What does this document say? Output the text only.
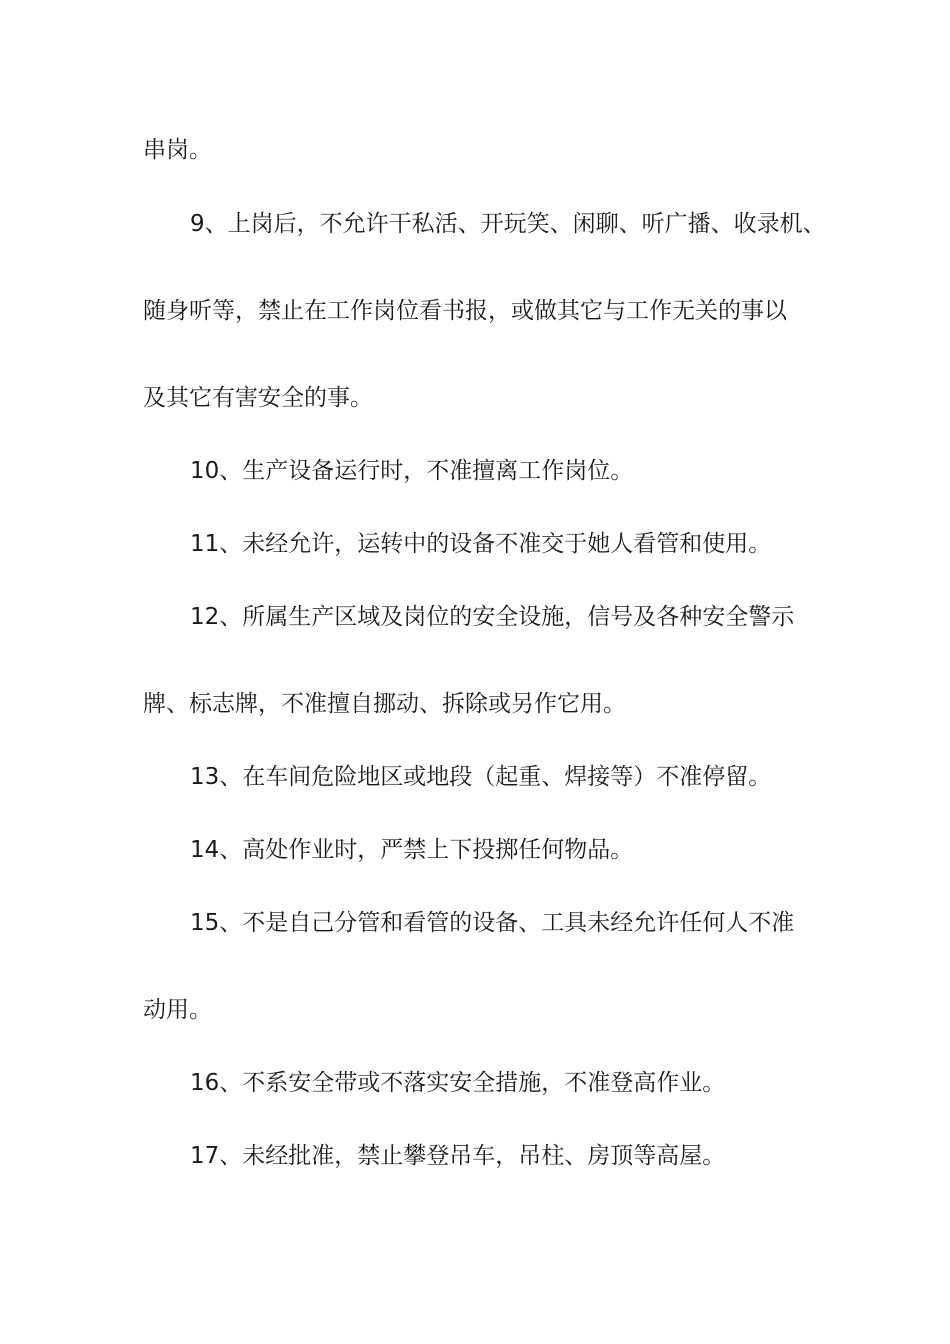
串岗。
9、上岗后，不允许干私活、开玩笑、闲聊、听广播、收录机、
随身听等，禁止在工作岗位看书报，或做其它与工作无关的事以
及其它有害安全的事。
10、生产设备运行时，不准擅离工作岗位。
11、未经允许，运转中的设备不准交于她人看管和使用。
12、所属生产区域及岗位的安全设施，信号及各种安全警示
牌、标志牌，不准擅自挪动、拆除或另作它用。
13、在车间危险地区或地段（起重、焊接等）不准停留。
14、高处作业时，严禁上下投掷任何物品。
15、不是自己分管和看管的设备、工具未经允许任何人不准
动用。
16、不系安全带或不落实安全措施，不准登高作业。
17、未经批准，禁止攀登吊车，吊柱、房顶等高屋。
